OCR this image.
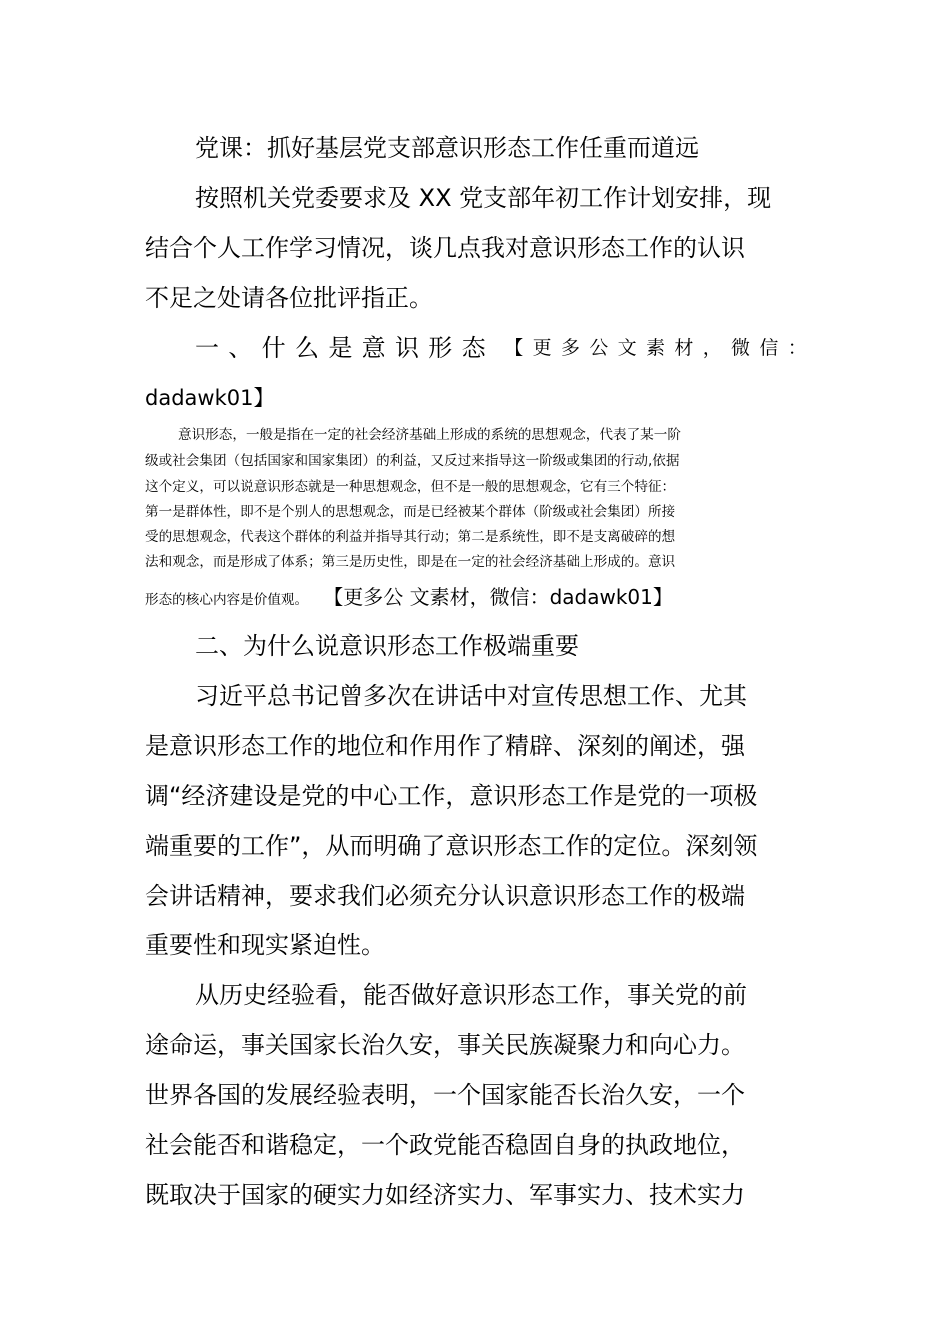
党课：抓好基层党支部意识形态工作任重而道远
按照机关党委要求及 XX 党支部年初工作计划安排，现
结合个人工作学习情况，谈几点我对意识形态工作的认识
不足之处请各位批评指正。
一 、 什 么 是 意 识 形 态 【 更 多 公 文 素 材 ， 微 信 ：
dadawk01】
意识形态，一般是指在一定的社会经济基础上形成的系统的思想观念，代表了某一阶
级或社会集团（包括国家和国家集团）的利益，又反过来指导这一阶级或集团的行动,依据
这个定义，可以说意识形态就是一种思想观念，但不是一般的思想观念，它有三个特征：
第一是群体性，即不是个别人的思想观念，而是已经被某个群体（阶级或社会集团）所接
受的思想观念，代表这个群体的利益并指导其行动；第二是系统性，即不是支离破碎的想
法和观念，而是形成了体系；第三是历史性，即是在一定的社会经济基础上形成的。意识
形态的核心内容是价值观。 【更多公 文素材，微信：dadawk01】
二、为什么说意识形态工作极端重要
习近平总书记曾多次在讲话中对宣传思想工作、尤其
是意识形态工作的地位和作用作了精辟、深刻的阐述，强
调“经济建设是党的中心工作，意识形态工作是党的一项极
端重要的工作”，从而明确了意识形态工作的定位。深刻领
会讲话精神，要求我们必须充分认识意识形态工作的极端
重要性和现实紧迫性。
从历史经验看，能否做好意识形态工作，事关党的前
途命运，事关国家长治久安，事关民族凝聚力和向心力。
世界各国的发展经验表明，一个国家能否长治久安，一个
社会能否和谐稳定，一个政党能否稳固自身的执政地位，
既取决于国家的硬实力如经济实力、军事实力、技术实力
